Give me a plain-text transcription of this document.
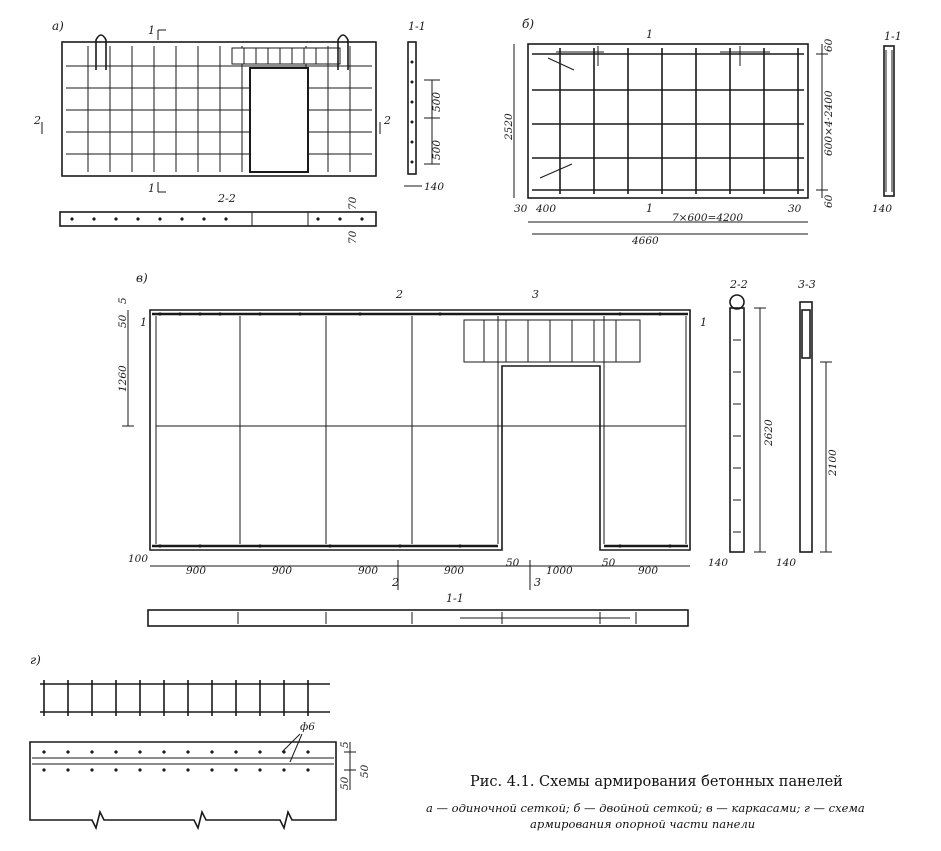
а)	1
1
2	2
1-1
500
500
140
2-2	70
70
б)
1
1
2520
60
600×4·2400
60
30 400
7×600=4200
30
4660
1-1
140
в)
2	3
1	1
50
5
1260
100
900	900	900	900
50
1000
50
900
2	3
2-2
2620
140
3-3
2100
140
1-1
г)
ф6
5
50
50	Рис. 4.1. Схемы армирования бетонных панелей
а — одиночной сеткой; б — двойной сеткой; в — каркасами; г — схема
армирования опорной части панели
